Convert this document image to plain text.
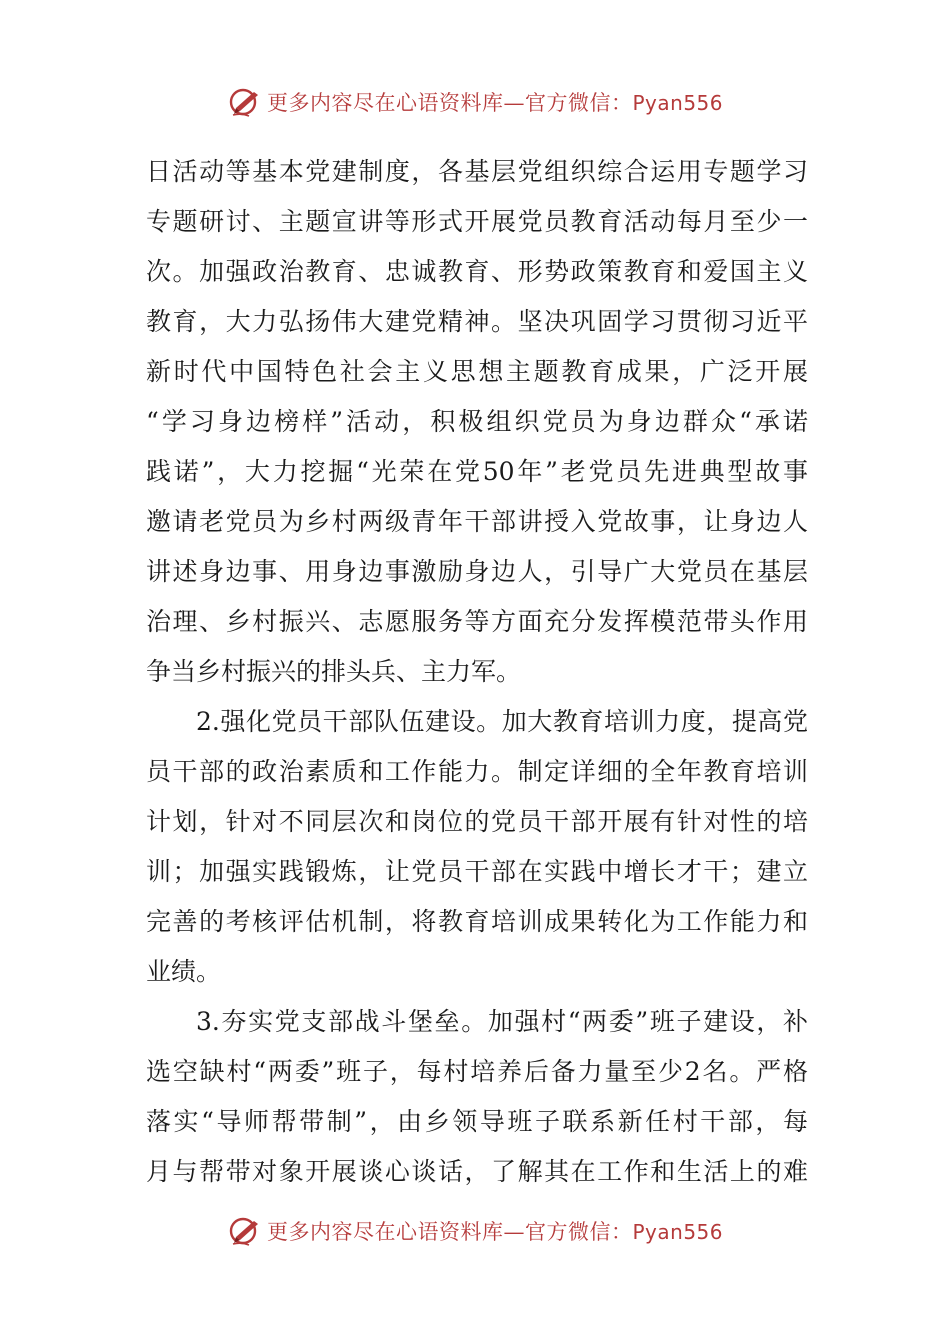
更多内容尽在心语资料库—官方微信：Pyan556
日活动等基本党建制度，各基层党组织综合运用专题学习
专题研讨、主题宣讲等形式开展党员教育活动每月至少一
次。加强政治教育、忠诚教育、形势政策教育和爱国主义
教育，大力弘扬伟大建党精神。坚决巩固学习贯彻习近平
新时代中国特色社会主义思想主题教育成果，广泛开展
“学习身边榜样”活动，积极组织党员为身边群众“承诺
践诺”，大力挖掘“光荣在党50年”老党员先进典型故事
邀请老党员为乡村两级青年干部讲授入党故事，让身边人
讲述身边事、用身边事激励身边人，引导广大党员在基层
治理、乡村振兴、志愿服务等方面充分发挥模范带头作用
争当乡村振兴的排头兵、主力军。
2.强化党员干部队伍建设。加大教育培训力度，提高党
员干部的政治素质和工作能力。制定详细的全年教育培训
计划，针对不同层次和岗位的党员干部开展有针对性的培
训；加强实践锻炼，让党员干部在实践中增长才干；建立
完善的考核评估机制，将教育培训成果转化为工作能力和
业绩。
3.夯实党支部战斗堡垒。加强村“两委”班子建设，补
选空缺村“两委”班子，每村培养后备力量至少2名。严格
落实“导师帮带制”，由乡领导班子联系新任村干部，每
月与帮带对象开展谈心谈话，了解其在工作和生活上的难
更多内容尽在心语资料库—官方微信：Pyan556
